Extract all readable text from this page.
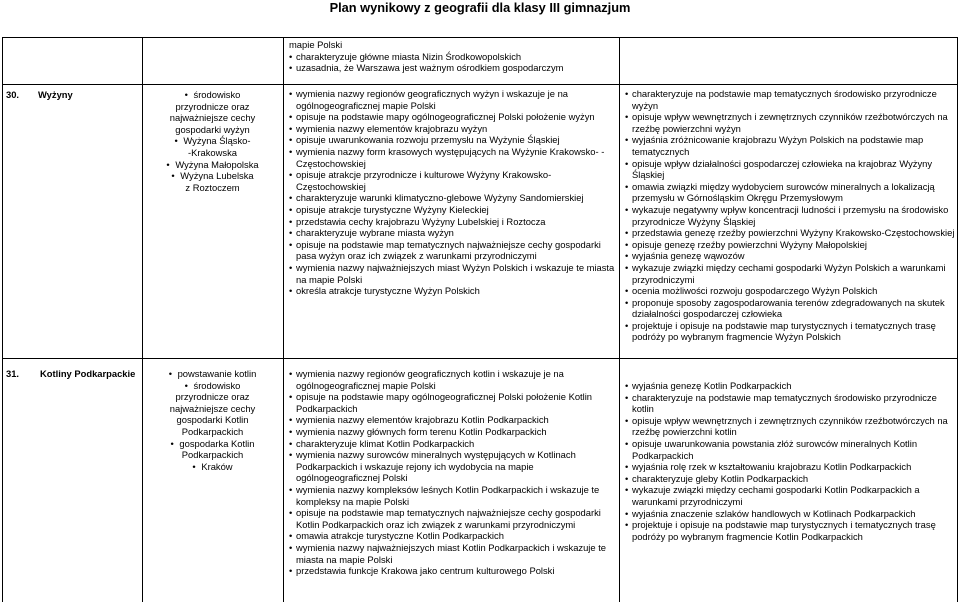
Plan wynikowy z geografii dla klasy III gimnazjum
mapie Polski
• charakteryzuje główne miasta Nizin Środkowopolskich
• uzasadnia, że Warszawa jest ważnym ośrodkiem gospodarczym
30. Wyżyny	• środowisko
przyrodnicze oraz
najważniejsze cechy
gospodarki wyżyn
• Wyżyna Śląsko-
-Krakowska
• Wyżyna Małopolska
• Wyżyna Lubelska
z Roztoczem
• wymienia nazwy regionów geograficznych wyżyn i wskazuje je na ogólnogeograficznej mapie Polski
• opisuje na podstawie mapy ogólnogeograficznej Polski położenie wyżyn
• wymienia nazwy elementów krajobrazu wyżyn
• opisuje uwarunkowania rozwoju przemysłu na Wyżynie Śląskiej
• wymienia nazwy form krasowych występujących na Wyżynie Krakowsko- -Częstochowskiej
• opisuje atrakcje przyrodnicze i kulturowe Wyżyny Krakowsko-Częstochowskiej
• charakteryzuje warunki klimatyczno-glebowe Wyżyny Sandomierskiej
• opisuje atrakcje turystyczne Wyżyny Kieleckiej
• przedstawia cechy krajobrazu Wyżyny Lubelskiej i Roztocza
• charakteryzuje wybrane miasta wyżyn
• opisuje na podstawie map tematycznych najważniejsze cechy gospodarki pasa wyżyn oraz ich związek z warunkami przyrodniczymi
• wymienia nazwy najważniejszych miast Wyżyn Polskich i wskazuje te miasta na mapie Polski
• określa atrakcje turystyczne Wyżyn Polskich
• charakteryzuje na podstawie map tematycznych środowisko przyrodnicze wyżyn
• opisuje wpływ wewnętrznych i zewnętrznych czynników rzeźbotwórczych na rzeźbę powierzchni wyżyn
• wyjaśnia zróżnicowanie krajobrazu Wyżyn Polskich na podstawie map tematycznych
• opisuje wpływ działalności gospodarczej człowieka na krajobraz Wyżyny Śląskiej
• omawia związki między wydobyciem surowców mineralnych a lokalizacją przemysłu w Górnośląskim Okręgu Przemysłowym
• wykazuje negatywny wpływ koncentracji ludności i przemysłu na środowisko przyrodnicze Wyżyny Śląskiej
• przedstawia genezę rzeźby powierzchni Wyżyny Krakowsko-Częstochowskiej
• opisuje genezę rzeźby powierzchni Wyżyny Małopolskiej
• wyjaśnia genezę wąwozów
• wykazuje związki między cechami gospodarki Wyżyn Polskich a warunkami przyrodniczymi
• ocenia możliwości rozwoju gospodarczego Wyżyn Polskich
• proponuje sposoby zagospodarowania terenów zdegradowanych na skutek działalności gospodarczej człowieka
• projektuje i opisuje na podstawie map turystycznych i tematycznych trasę podróży po wybranym fragmencie Wyżyn Polskich
31. Kotliny Podkarpackie	• powstawanie kotlin
• środowisko
przyrodnicze oraz
najważniejsze cechy
gospodarki Kotlin
Podkarpackich
• gospodarka Kotlin
Podkarpackich
• Kraków
• wymienia nazwy regionów geograficznych kotlin i wskazuje je na ogólnogeograficznej mapie Polski
• opisuje na podstawie mapy ogólnogeograficznej Polski położenie Kotlin Podkarpackich
• wymienia nazwy elementów krajobrazu Kotlin Podkarpackich
• wymienia nazwy głównych form terenu Kotlin Podkarpackich
• charakteryzuje klimat Kotlin Podkarpackich
• wymienia nazwy surowców mineralnych występujących w Kotlinach Podkarpackich i wskazuje rejony ich wydobycia na mapie ogólnogeograficznej Polski
• wymienia nazwy kompleksów leśnych Kotlin Podkarpackich i wskazuje te kompleksy na mapie Polski
• opisuje na podstawie map tematycznych najważniejsze cechy gospodarki Kotlin Podkarpackich oraz ich związek z warunkami przyrodniczymi
• omawia atrakcje turystyczne Kotlin Podkarpackich
• wymienia nazwy najważniejszych miast Kotlin Podkarpackich i wskazuje te miasta na mapie Polski
• przedstawia funkcje Krakowa jako centrum kulturowego Polski
• wyjaśnia genezę Kotlin Podkarpackich
• charakteryzuje na podstawie map tematycznych środowisko przyrodnicze kotlin
• opisuje wpływ wewnętrznych i zewnętrznych czynników rzeźbotwórczych na rzeźbę powierzchni kotlin
• opisuje uwarunkowania powstania złóż surowców mineralnych Kotlin Podkarpackich
• wyjaśnia rolę rzek w kształtowaniu krajobrazu Kotlin Podkarpackich
• charakteryzuje gleby Kotlin Podkarpackich
• wykazuje związki między cechami gospodarki Kotlin Podkarpackich a warunkami przyrodniczymi
• wyjaśnia znaczenie szlaków handlowych w Kotlinach Podkarpackich
• projektuje i opisuje na podstawie map turystycznych i tematycznych trasę podróży po wybranym fragmencie Kotlin Podkarpackich
